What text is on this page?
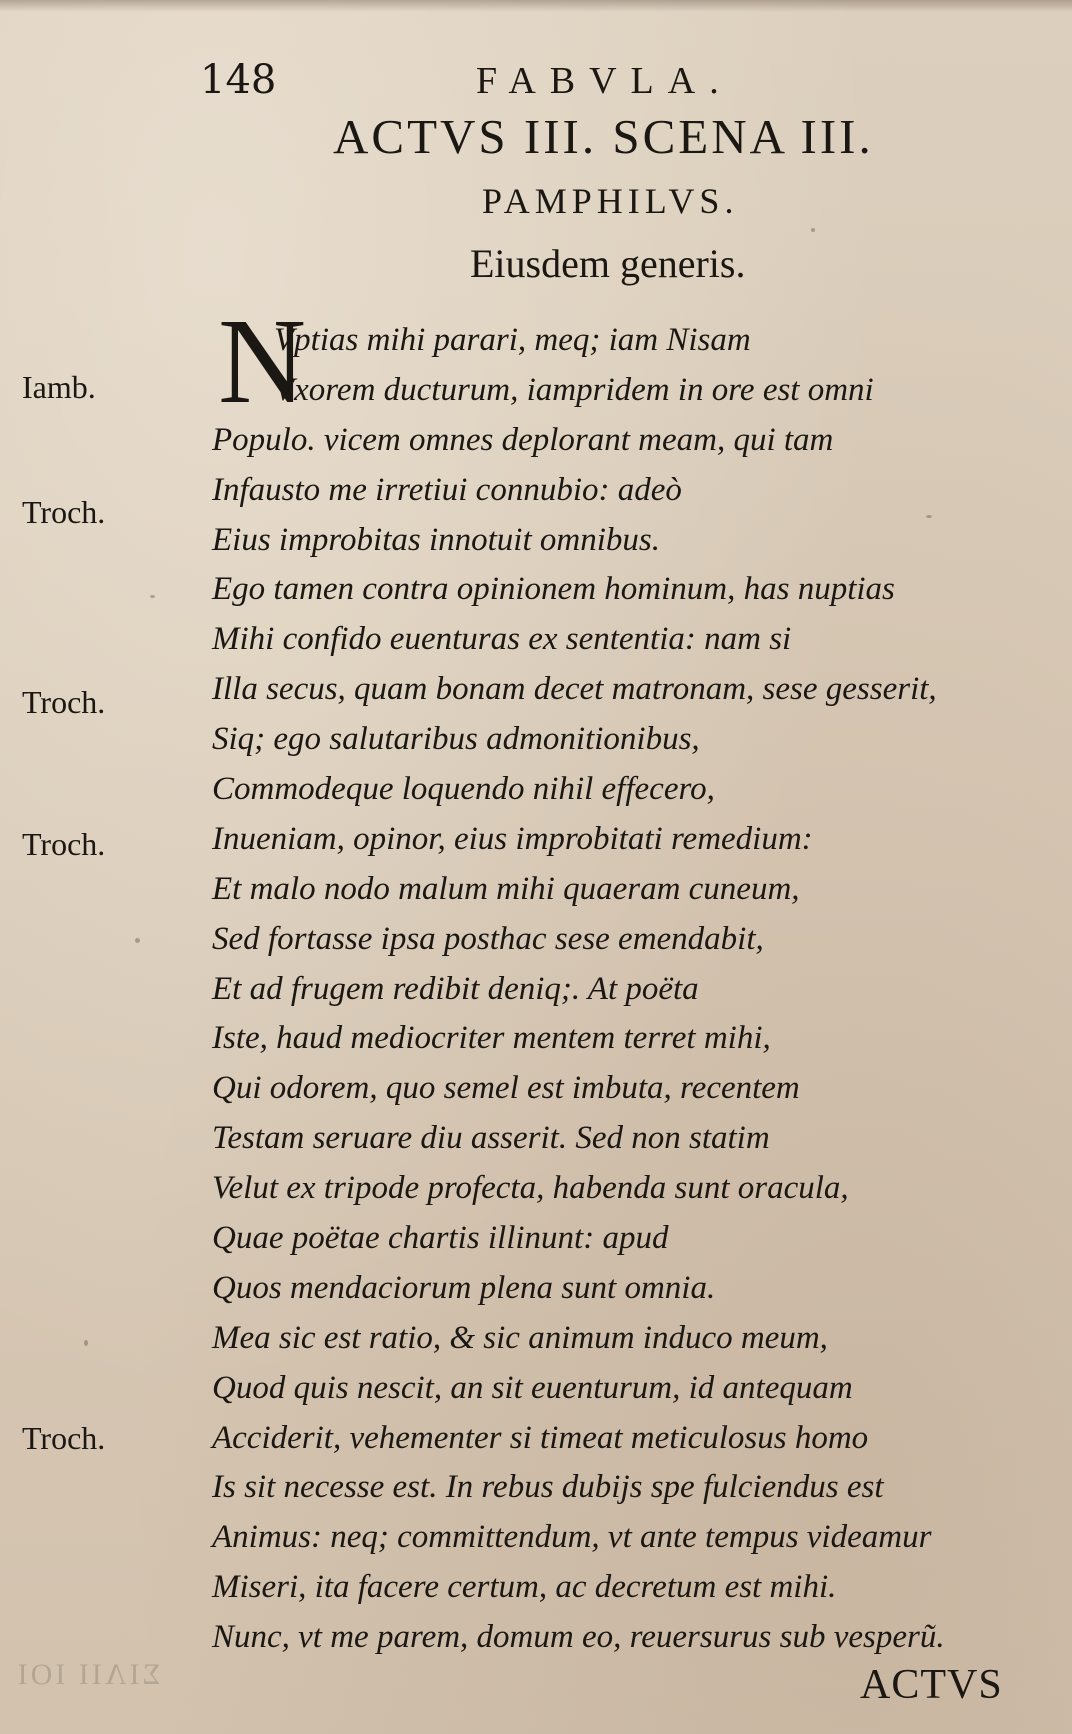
148	FABVLA.
ACTVS III. SCENA III.
PAMPHILVS.
Eiusdem generis.
N
Vptias mihi parari, meq; iam Nisam
Vxorem ducturum, iampridem in ore est omni
Populo. vicem omnes deplorant meam, qui tam
Infausto me irretiui connubio: adeò
Eius improbitas innotuit omnibus.
Ego tamen contra opinionem hominum, has nuptias
Mihi confido euenturas ex sententia: nam si
Illa secus, quam bonam decet matronam, sese gesserit,
Siq; ego salutaribus admonitionibus,
Commodeque loquendo nihil effecero,
Inueniam, opinor, eius improbitati remedium:
Et malo nodo malum mihi quaeram cuneum,
Sed fortasse ipsa posthac sese emendabit,
Et ad frugem redibit deniq;. At poëta
Iste, haud mediocriter mentem terret mihi,
Qui odorem, quo semel est imbuta, recentem
Testam seruare diu asserit. Sed non statim
Velut ex tripode profecta, habenda sunt oracula,
Quae poëtae chartis illinunt: apud
Quos mendaciorum plena sunt omnia.
Mea sic est ratio, & sic animum induco meum,
Quod quis nescit, an sit euenturum, id antequam
Acciderit, vehementer si timeat meticulosus homo
Is sit necesse est. In rebus dubijs spe fulciendus est
Animus: neq; committendum, vt ante tempus videamur
Miseri, ita facere certum, ac decretum est mihi.
Nunc, vt me parem, domum eo, reuersurus sub vesperũ.
Iamb.
Troch.
Troch.
Troch.
Troch.
ACTVS
ΣΙΛΙΙ ΙΟΙ
